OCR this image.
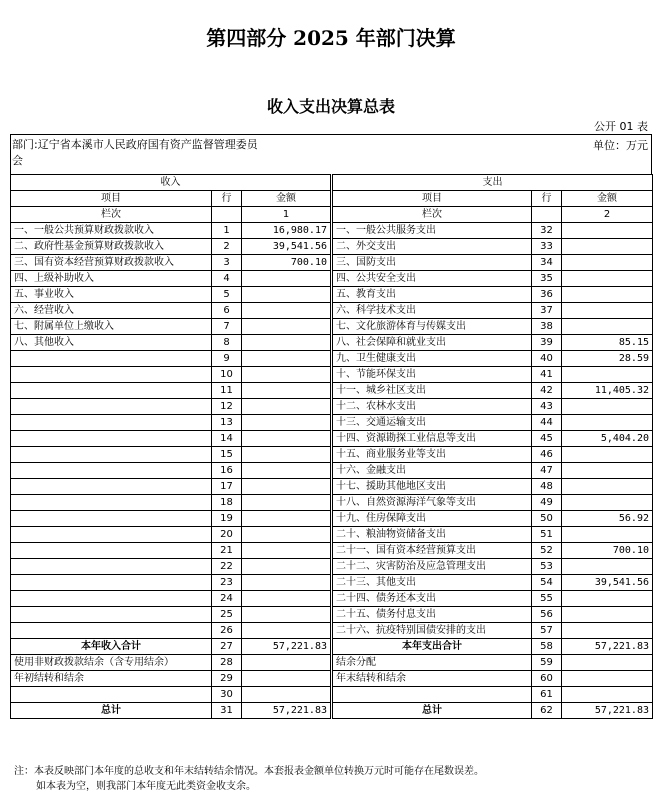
第四部分 2025 年部门决算
收入支出决算总表
公开 01 表
部门:辽宁省本溪市人民政府国有资产监督管理委员会
单位：万元
收入				支出		
项目	行	金额		项目	行	金额
栏次		1		栏次		2
一、一般公共预算财政拨款收入	1	16,980.17		一、一般公共服务支出	32	
二、政府性基金预算财政拨款收入	2	39,541.56		二、外交支出	33	
三、国有资本经营预算财政拨款收入	3	700.10		三、国防支出	34	
四、上级补助收入	4			四、公共安全支出	35	
五、事业收入	5			五、教育支出	36	
六、经营收入	6			六、科学技术支出	37	
七、附属单位上缴收入	7			七、文化旅游体育与传媒支出	38	
八、其他收入	8			八、社会保障和就业支出	39	85.15
	9			九、卫生健康支出	40	28.59
	10			十、节能环保支出	41	
	11			十一、城乡社区支出	42	11,405.32
	12			十二、农林水支出	43	
	13			十三、交通运输支出	44	
	14			十四、资源勘探工业信息等支出	45	5,404.20
	15			十五、商业服务业等支出	46	
	16			十六、金融支出	47	
	17			十七、援助其他地区支出	48	
	18			十八、自然资源海洋气象等支出	49	
	19			十九、住房保障支出	50	56.92
	20			二十、粮油物资储备支出	51	
	21			二十一、国有资本经营预算支出	52	700.10
	22			二十二、灾害防治及应急管理支出	53	
	23			二十三、其他支出	54	39,541.56
	24			二十四、债务还本支出	55	
	25			二十五、债务付息支出	56	
	26			二十六、抗疫特别国债安排的支出	57	
本年收入合计	27	57,221.83		本年支出合计	58	57,221.83
使用非财政拨款结余（含专用结余）	28			结余分配	59	
年初结转和结余	29			年末结转和结余	60	
	30				61	
总计	31	57,221.83		总计	62	57,221.83
注：本表反映部门本年度的总收支和年末结转结余情况。本套报表金额单位转换万元时可能存在尾数误差。
如本表为空，则我部门本年度无此类资金收支余。
